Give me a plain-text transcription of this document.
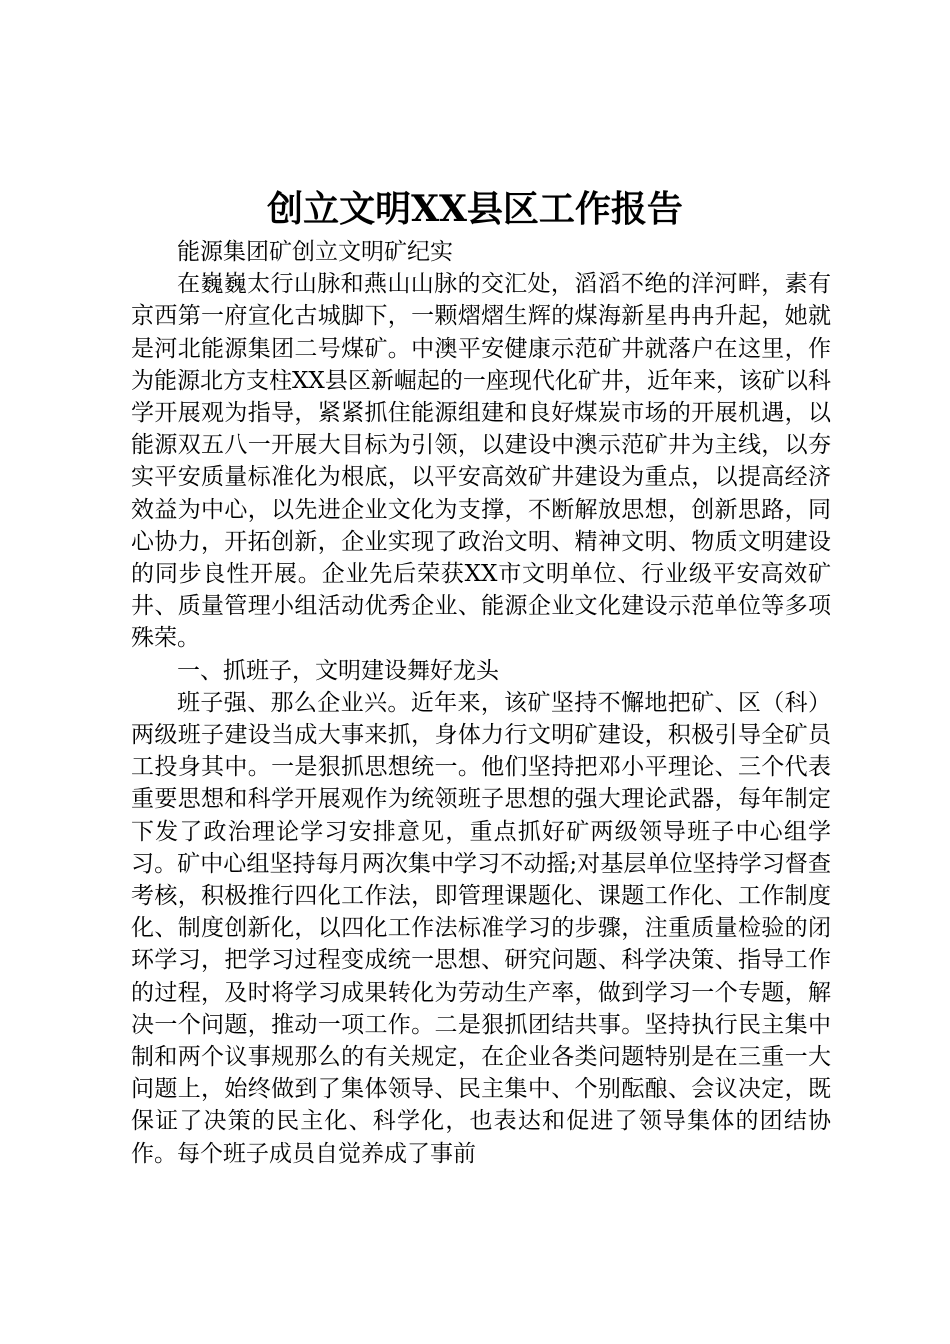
创立文明XX县区工作报告

能源集团矿创立文明矿纪实

在巍巍太行山脉和燕山山脉的交汇处，滔滔不绝的洋河畔，素有京西第一府宣化古城脚下，一颗熠熠生辉的煤海新星冉冉升起，她就是河北能源集团二号煤矿。中澳平安健康示范矿井就落户在这里，作为能源北方支柱XX县区新崛起的一座现代化矿井，近年来，该矿以科学开展观为指导，紧紧抓住能源组建和良好煤炭市场的开展机遇，以能源双五八一开展大目标为引领，以建设中澳示范矿井为主线，以夯实平安质量标准化为根底，以平安高效矿井建设为重点，以提高经济效益为中心，以先进企业文化为支撑，不断解放思想，创新思路，同心协力，开拓创新，企业实现了政治文明、精神文明、物质文明建设的同步良性开展。企业先后荣获XX市文明单位、行业级平安高效矿井、质量管理小组活动优秀企业、能源企业文化建设示范单位等多项殊荣。

一、抓班子，文明建设舞好龙头

班子强、那么企业兴。近年来，该矿坚持不懈地把矿、区（科）两级班子建设当成大事来抓，身体力行文明矿建设，积极引导全矿员工投身其中。一是狠抓思想统一。他们坚持把邓小平理论、三个代表重要思想和科学开展观作为统领班子思想的强大理论武器，每年制定下发了政治理论学习安排意见，重点抓好矿两级领导班子中心组学习。矿中心组坚持每月两次集中学习不动摇;对基层单位坚持学习督查考核，积极推行四化工作法，即管理课题化、课题工作化、工作制度化、制度创新化，以四化工作法标准学习的步骤，注重质量检验的闭环学习，把学习过程变成统一思想、研究问题、科学决策、指导工作的过程，及时将学习成果转化为劳动生产率，做到学习一个专题，解决一个问题，推动一项工作。二是狠抓团结共事。坚持执行民主集中制和两个议事规那么的有关规定，在企业各类问题特别是在三重一大问题上，始终做到了集体领导、民主集中、个别酝酿、会议决定，既保证了决策的民主化、科学化，也表达和促进了领导集体的团结协作。每个班子成员自觉养成了事前
